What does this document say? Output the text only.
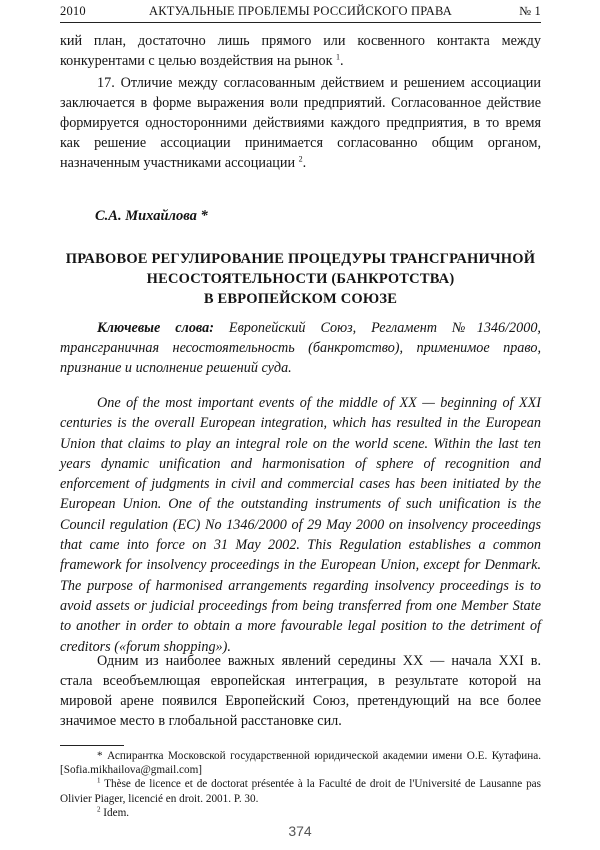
2010	АКТУАЛЬНЫЕ ПРОБЛЕМЫ РОССИЙСКОГО ПРАВА	№ 1
кий план, достаточно лишь прямого или косвенного контакта между конкурентами с целью воздействия на рынок $^1$.
17. Отличие между согласованным действием и решением ассоциации заключается в форме выражения воли предприятий. Согласованное действие формируется односторонними действиями каждого предприятия, в то время как решение ассоциации принимается согласованно общим органом, назначенным участниками ассоциации $^2$.
С.А. Михайлова *
ПРАВОВОЕ РЕГУЛИРОВАНИЕ ПРОЦЕДУРЫ ТРАНСГРАНИЧНОЙ
НЕСОСТОЯТЕЛЬНОСТИ (БАНКРОТСТВА)
В ЕВРОПЕЙСКОМ СОЮЗЕ
Ключевые слова: Европейский Союз, Регламент №1346/2000, трансграничная несостоятельность (банкротство), применимое право, признание и исполнение решений суда.
One of the most important events of the middle of XX — beginning of XXI centuries is the overall European integration, which has resulted in the European Union that claims to play an integral role on the world scene. Within the last ten years dynamic unification and harmonisation of sphere of recognition and enforcement of judgments in civil and commercial cases has been initiated by the European Union. One of the outstanding instruments of such unification is the Council regulation (EC) No 1346/2000 of 29 May 2000 on insolvency proceedings that came into force on 31 May 2002. This Regulation establishes a common framework for insolvency proceedings in the European Union, except for Denmark. The purpose of harmonised arrangements regarding insolvency proceedings is to avoid assets or judicial proceedings from being transferred from one Member State to another in order to obtain a more favourable legal position to the detriment of creditors («forum shopping»).
Одним из наиболее важных явлений середины XX — начала XXI в. стала всеобъемлющая европейская интеграция, в результате которой на мировой арене появился Европейский Союз, претендующий на все более значимое место в глобальной расстановке сил.

* Аспирантка Московской государственной юридической академии имени О.Е. Кутафина.[Sofia.mikhailova@gmail.com]

$^1$ Thèse de licence et de doctorat présentée à la Faculté de droit de l'Université de Lausanne pas Olivier Piager, licencié en droit. 2001. P. 30.

$^2$ Idem.

374
